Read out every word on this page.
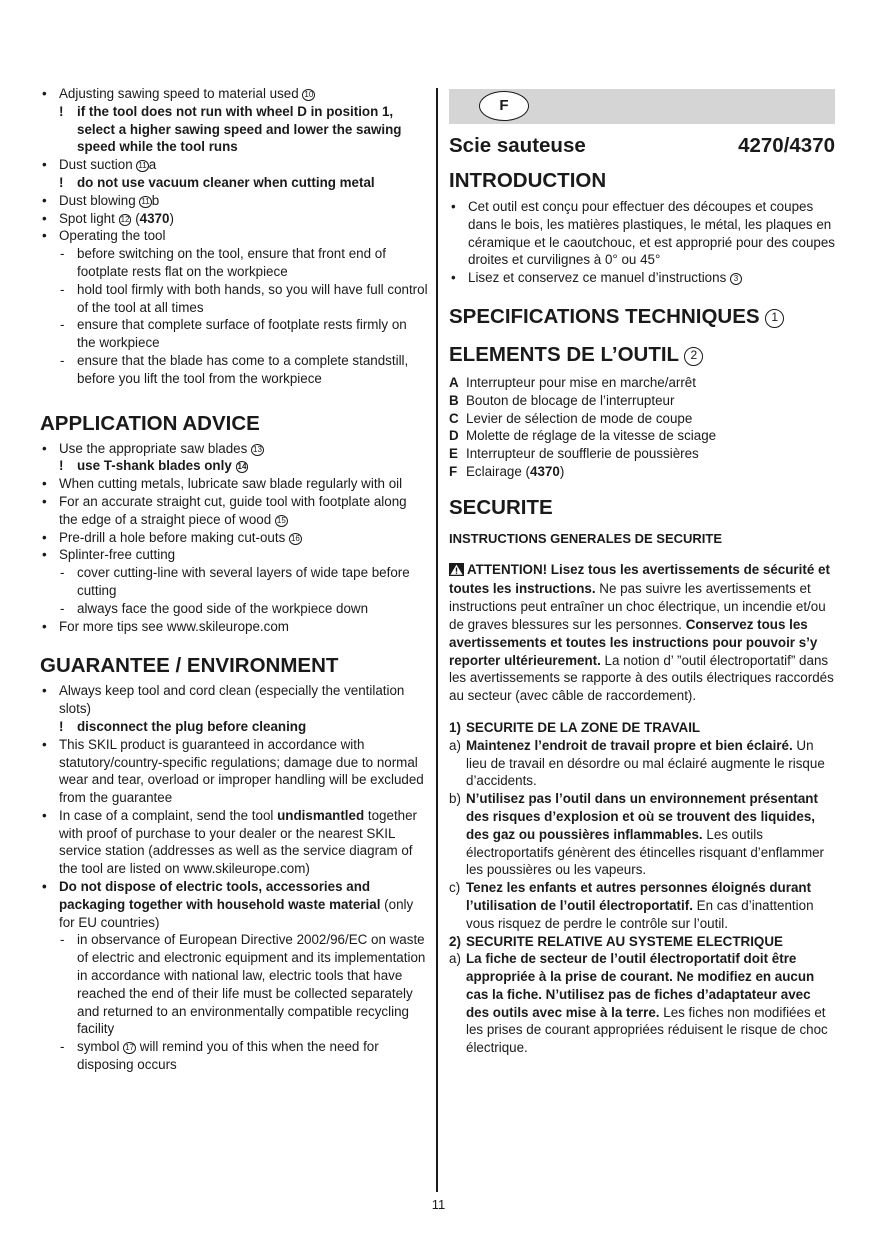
• Adjusting sawing speed to material used 10
! if the tool does not run with wheel D in position 1, select a higher sawing speed and lower the sawing speed while the tool runs
• Dust suction 11 a
! do not use vacuum cleaner when cutting metal
• Dust blowing 11 b
• Spot light 12 (4370)
• Operating the tool
- before switching on the tool, ensure that front end of footplate rests flat on the workpiece
- hold tool firmly with both hands, so you will have full control of the tool at all times
- ensure that complete surface of footplate rests firmly on the workpiece
- ensure that the blade has come to a complete standstill, before you lift the tool from the workpiece
APPLICATION ADVICE
• Use the appropriate saw blades 13
! use T-shank blades only 14
• When cutting metals, lubricate saw blade regularly with oil
• For an accurate straight cut, guide tool with footplate along the edge of a straight piece of wood 15
• Pre-drill a hole before making cut-outs 16
• Splinter-free cutting
- cover cutting-line with several layers of wide tape before cutting
- always face the good side of the workpiece down
• For more tips see www.skileurope.com
GUARANTEE / ENVIRONMENT
• Always keep tool and cord clean (especially the ventilation slots)
! disconnect the plug before cleaning
• This SKIL product is guaranteed in accordance with statutory/country-specific regulations; damage due to normal wear and tear, overload or improper handling will be excluded from the guarantee
• In case of a complaint, send the tool undismantled together with proof of purchase to your dealer or the nearest SKIL service station (addresses as well as the service diagram of the tool are listed on www.skileurope.com)
• Do not dispose of electric tools, accessories and packaging together with household waste material (only for EU countries)
- in observance of European Directive 2002/96/EC on waste of electric and electronic equipment and its implementation in accordance with national law, electric tools that have reached the end of their life must be collected separately and returned to an environmentally compatible recycling facility
- symbol 17 will remind you of this when the need for disposing occurs
F
Scie sauteuse	4270/4370
INTRODUCTION
• Cet outil est conçu pour effectuer des découpes et coupes dans le bois, les matières plastiques, le métal, les plaques en céramique et le caoutchouc, et est approprié pour des coupes droites et curvilignes à 0° ou 45°
• Lisez et conservez ce manuel d’instructions 3
SPECIFICATIONS TECHNIQUES 1
ELEMENTS DE L’OUTIL 2
A Interrupteur pour mise en marche/arrêt
B Bouton de blocage de l’interrupteur
C Levier de sélection de mode de coupe
D Molette de réglage de la vitesse de sciage
E Interrupteur de soufflerie de poussières
F Eclairage (4370)
SECURITE
INSTRUCTIONS GENERALES DE SECURITE
ATTENTION! Lisez tous les avertissements de sécurité et toutes les instructions. Ne pas suivre les avertissements et instructions peut entraîner un choc électrique, un incendie et/ou de graves blessures sur les personnes. Conservez tous les avertissements et toutes les instructions pour pouvoir s’y reporter ultérieurement. La notion d’ ”outil électroportatif” dans les avertissements se rapporte à des outils électriques raccordés au secteur (avec câble de raccordement).
1) SECURITE DE LA ZONE DE TRAVAIL
a) Maintenez l’endroit de travail propre et bien éclairé. Un lieu de travail en désordre ou mal éclairé augmente le risque d’accidents.
b) N’utilisez pas l’outil dans un environnement présentant des risques d’explosion et où se trouvent des liquides, des gaz ou poussières inflammables. Les outils électroportatifs génèrent des étincelles risquant d’enflammer les poussières ou les vapeurs.
c) Tenez les enfants et autres personnes éloignés durant l’utilisation de l’outil électroportatif. En cas d’inattention vous risquez de perdre le contrôle sur l’outil.
2) SECURITE RELATIVE AU SYSTEME ELECTRIQUE
a) La fiche de secteur de l’outil électroportatif doit être appropriée à la prise de courant. Ne modifiez en aucun cas la fiche. N’utilisez pas de fiches d’adaptateur avec des outils avec mise à la terre. Les fiches non modifiées et les prises de courant appropriées réduisent le risque de choc électrique.
11
